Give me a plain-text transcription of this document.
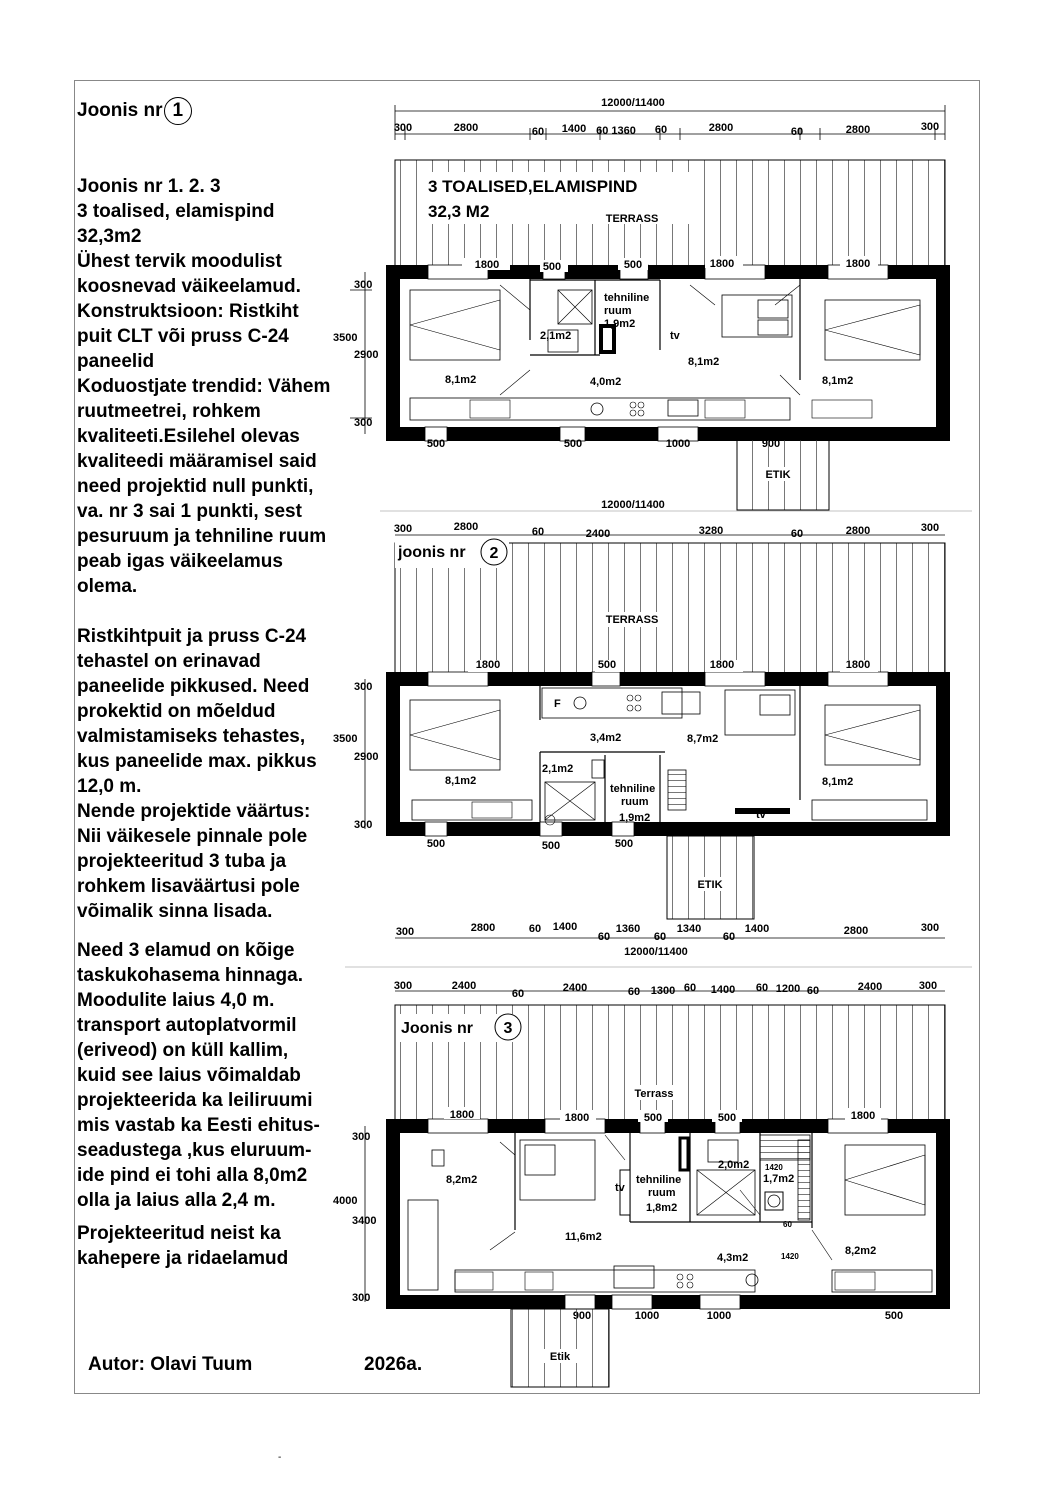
Joonis nr 1

Joonis nr 1. 2. 3
3 toalised, elamispind
32,3m2
Ühest tervik moodulist
koosnevad väikeelamud.
Konstruktsioon: Ristkiht
puit CLT või pruss C-24
paneelid
Koduostjate trendid: Vähem
ruutmeetrei, rohkem
kvaliteeti.Esilehel olevas
kvaliteedi määramisel said
need projektid null punkti,
va. nr 3 sai 1 punkti, sest
pesuruum ja tehniline ruum
peab igas väikeelamus
olema.

Ristkihtpuit ja pruss C-24
tehastel on erinavad
paneelide pikkused. Need
prokektid on mõeldud
valmistamiseks tehastes,
kus paneelide max. pikkus
12,0 m.
Nende projektide väärtus:
Nii väikesele pinnale pole
projekteeritud 3 tuba ja
rohkem lisaväärtusi pole
võimalik sinna lisada.

Need 3 elamud on kõige
taskukohasema hinnaga.
Moodulite laius 4,0 m.
transport autoplatvormil
(eriveod) on küll kallim,
kuid see laius võimaldab
projekteerida ka leiliruumi
mis vastab ka Eesti ehitus-
seadustega ,kus eluruum-
ide pind ei tohi alla 8,0m2
olla ja laius alla 2,4 m.

Projekteeritud neist ka
kahepere ja ridaelamud

Autor: Olavi Tuum	2026a.
-
12000/11400
300	2800	60 1400 60 1360 60	2800	60	2800	300
3 TOALISED,ELAMISPIND
32,3 M2	TERRASS
1800	500	500	1800	1800
2,1m2
tehniline
ruum
1,9m2
tv
8,1m2
8,1m2	4,0m2	8,1m2
300
3500
2900
300
500	500	1000
ETIK
12000/11400
300	2800	60	2400	3280	60	2800	300
joonis nr 2
TERRASS
1800	500	1800	1800
F
3,4m2	8,7m2
2,1m2
8,1m2
tehniline
ruum
1,9m2
8,1m2
tv
300
3500
2900
300
500	500	500
ETIK
300	2800	60 1400	1360
60
1340
60
1400
60	2800	300
12000/11400
300	2400
60	2400	60 1300 60 1400 60 1200 60	2400	300
Joonis nr 3
Terrass
1800	1800	500	500	1800
8,2m2
tv
tehniline
ruum
1,8m2
2,0m2 1420
1,7m2
60
11,6m2
4,3m2	1420	8,2m2
300
4000
3400
300
1000	1000	500
Etik
